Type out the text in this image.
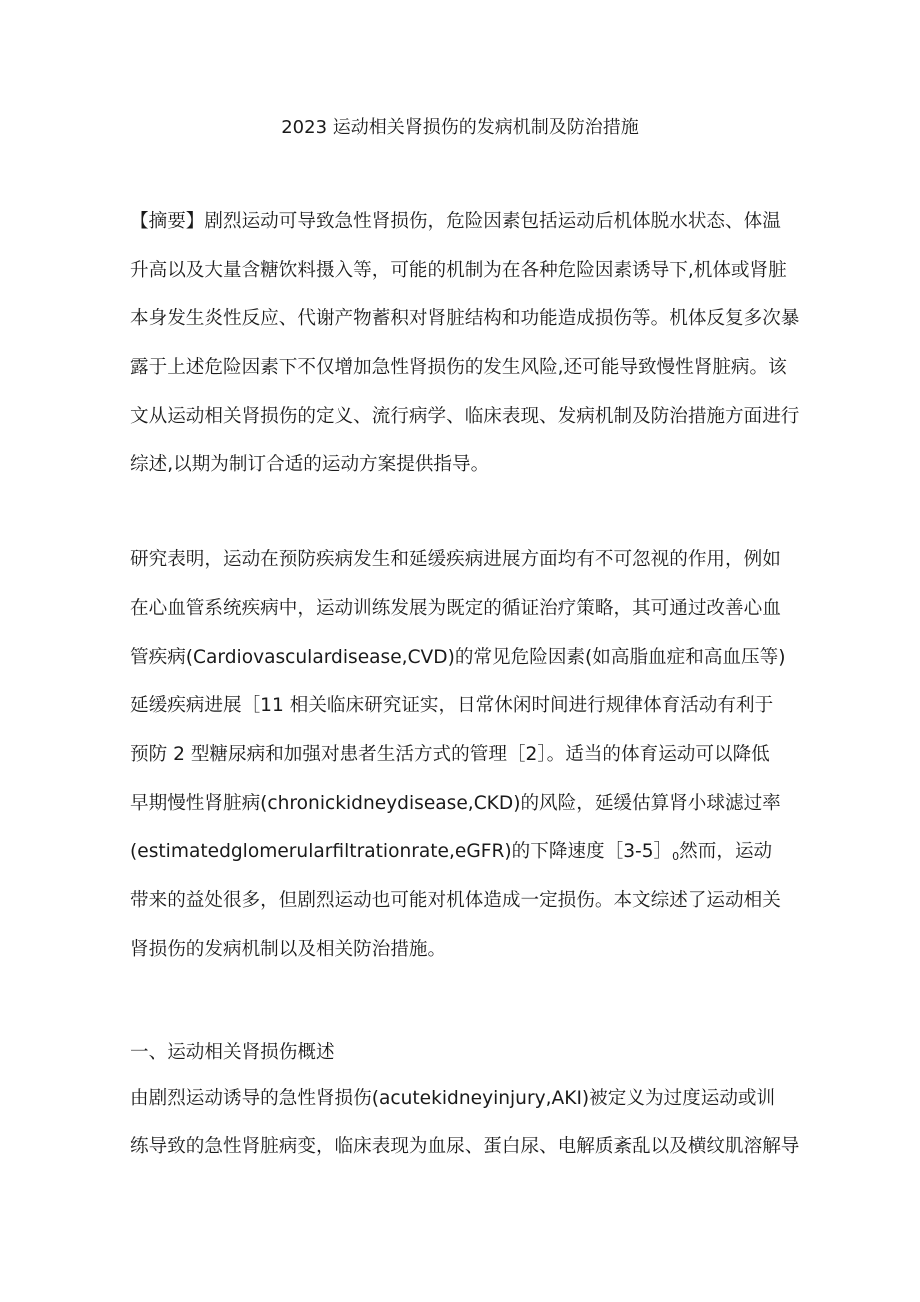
2023 运动相关肾损伤的发病机制及防治措施
【摘要】剧烈运动可导致急性肾损伤，危险因素包括运动后机体脱水状态、体温
升高以及大量含糖饮料摄入等，可能的机制为在各种危险因素诱导下,机体或肾脏
本身发生炎性反应、代谢产物蓄积对肾脏结构和功能造成损伤等。机体反复多次暴
露于上述危险因素下不仅增加急性肾损伤的发生风险,还可能导致慢性肾脏病。该
文从运动相关肾损伤的定义、流行病学、临床表现、发病机制及防治措施方面进行
综述,以期为制订合适的运动方案提供指导。
研究表明，运动在预防疾病发生和延缓疾病进展方面均有不可忽视的作用，例如
在心血管系统疾病中，运动训练发展为既定的循证治疗策略，其可通过改善心血
管疾病(Cardiovasculardisease,CVD)的常见危险因素(如高脂血症和高血压等)
延缓疾病进展［11 相关临床研究证实，日常休闲时间进行规律体育活动有利于
预防 2 型糖尿病和加强对患者生活方式的管理［2］。适当的体育运动可以降低
早期慢性肾脏病(chronickidneydisease,CKD)的风险，延缓估算肾小球滤过率
(estimatedglomerularfiltrationrate,eGFR)的下降速度$[3-5]_0$然而，运动
带来的益处很多，但剧烈运动也可能对机体造成一定损伤。本文综述了运动相关
肾损伤的发病机制以及相关防治措施。
一、运动相关肾损伤概述
由剧烈运动诱导的急性肾损伤(acutekidneyinjury,AKI)被定义为过度运动或训
练导致的急性肾脏病变，临床表现为血尿、蛋白尿、电解质紊乱以及横纹肌溶解导
